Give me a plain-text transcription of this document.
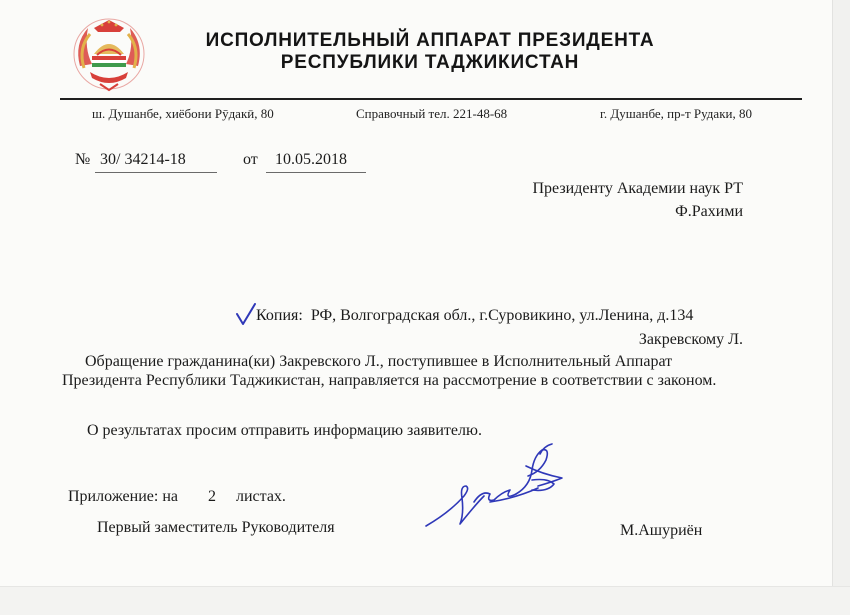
ИСПОЛНИТЕЛЬНЫЙ АППАРАТ ПРЕЗИДЕНТА
РЕСПУБЛИКИ ТАДЖИКИСТАН
ш. Душанбе, хиёбони Рӯдакӣ, 80	Справочный тел. 221-48-68	г. Душанбе, пр-т Рудаки, 80
№ 30/ 34214-18	от 10.05.2018
Президенту Академии наук РТ
Ф.Рахими
Копия: РФ, Волгоградская обл., г.Суровикино, ул.Ленина, д.134
Закревскому Л.
Обращение гражданина(ки) Закревского Л., поступившее в Исполнительный Аппарат Президента Республики Таджикистан, направляется на рассмотрение в соответствии с законом.
О результатах просим отправить информацию заявителю.
Приложение: на 2 листах.
Первый заместитель Руководителя	М.Ашуриён
